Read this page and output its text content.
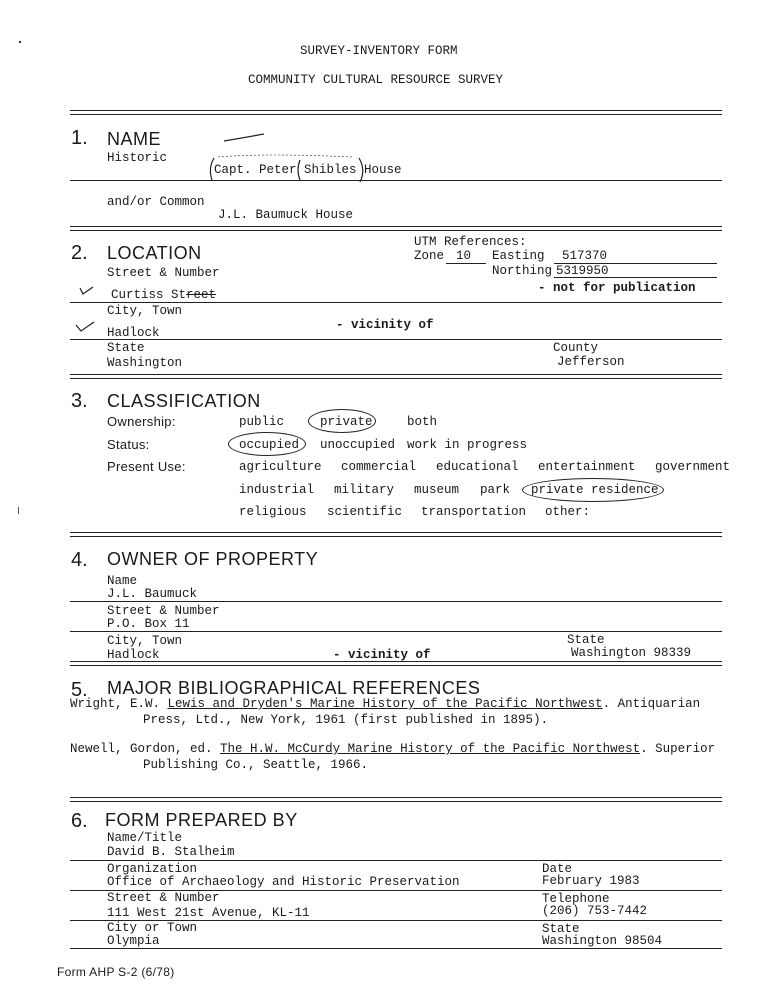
SURVEY-INVENTORY FORM
COMMUNITY CULTURAL RESOURCE SURVEY
1. NAME
Historic
Capt. Peter Shibles House
and/or Common
J.L. Baumuck House
2. LOCATION
UTM References:
Zone 10 Easting 517370
Northing 5319950
- not for publication
Street & Number
Curtiss Street
City, Town
Hadlock
- vicinity of
State
Washington
County
Jefferson
3. CLASSIFICATION
Ownership:	public	private	both
Status:	occupied unoccupied work in progress
Present Use:	agriculture commercial educational entertainment government
industrial military museum park private residence
religious scientific transportation other:
4. OWNER OF PROPERTY
Name
J.L. Baumuck
Street & Number
P.O. Box 11
City, Town
Hadlock	- vicinity of
State
Washington 98339
5. MAJOR BIBLIOGRAPHICAL REFERENCES
Wright, E.W. Lewis and Dryden's Marine History of the Pacific Northwest. Antiquarian
Press, Ltd., New York, 1961 (first published in 1895).
Newell, Gordon, ed. The H.W. McCurdy Marine History of the Pacific Northwest. Superior
Publishing Co., Seattle, 1966.
6. FORM PREPARED BY
Name/Title
David B. Stalheim
Organization
Office of Archaeology and Historic Preservation
Date
February 1983
Street & Number
111 West 21st Avenue, KL-11
Telephone
(206) 753-7442
City or Town
Olympia
State
Washington 98504
Form AHP S-2 (6/78)
